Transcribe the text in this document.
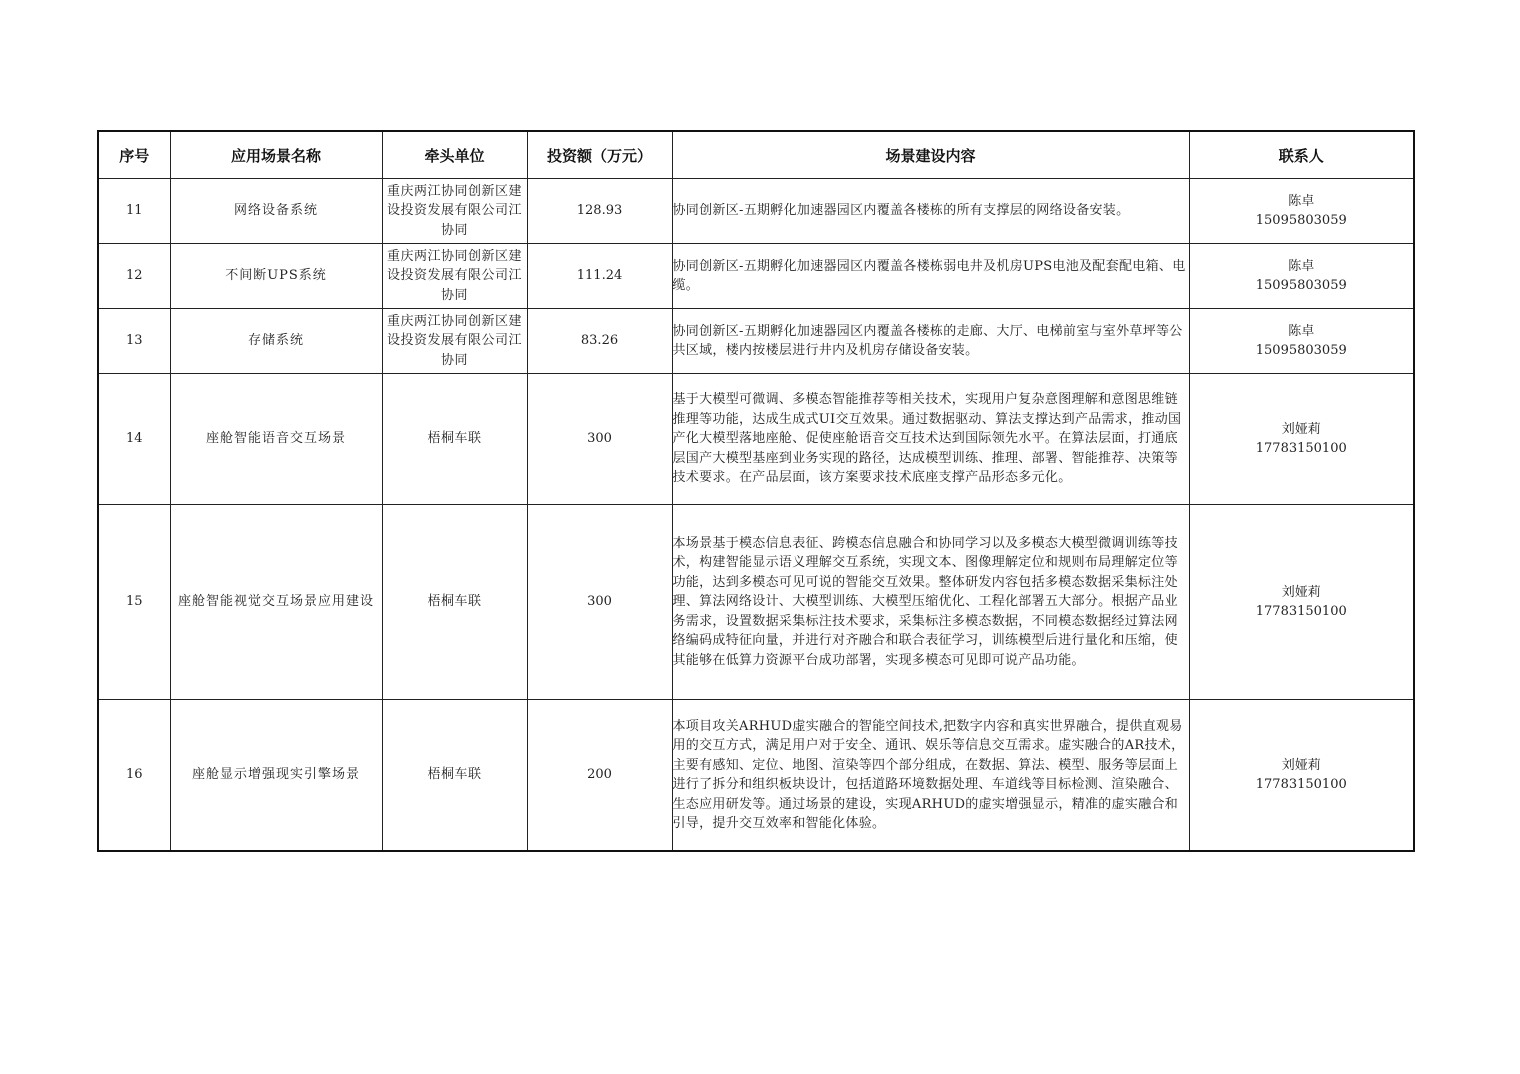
序号	应用场景名称	牵头单位	投资额（万元）	场景建设内容	联系人
11	网络设备系统	重庆两江协同创新区建设投资发展有限公司江协同	128.93	协同创新区-五期孵化加速器园区内覆盖各楼栋的所有支撑层的网络设备安装。	陈卓
15095803059

12	不间断UPS系统	重庆两江协同创新区建设投资发展有限公司江协同	111.24	协同创新区-五期孵化加速器园区内覆盖各楼栋弱电井及机房UPS电池及配套配电箱、电缆。	陈卓
15095803059

13	存储系统	重庆两江协同创新区建设投资发展有限公司江协同	83.26	协同创新区-五期孵化加速器园区内覆盖各楼栋的走廊、大厅、电梯前室与室外草坪等公共区域，楼内按楼层进行井内及机房存储设备安装。	陈卓
15095803059

14	座舱智能语音交互场景	梧桐车联	300	基于大模型可微调、多模态智能推荐等相关技术，实现用户复杂意图理解和意图思维链推理等功能，达成生成式UI交互效果。通过数据驱动、算法支撑达到产品需求，推动国产化大模型落地座舱、促使座舱语音交互技术达到国际领先水平。在算法层面，打通底层国产大模型基座到业务实现的路径，达成模型训练、推理、部署、智能推荐、决策等技术要求。在产品层面，该方案要求技术底座支撑产品形态多元化。	刘娅莉
17783150100

15	座舱智能视觉交互场景应用建设	梧桐车联	300	本场景基于模态信息表征、跨模态信息融合和协同学习以及多模态大模型微调训练等技术，构建智能显示语义理解交互系统，实现文本、图像理解定位和规则布局理解定位等功能，达到多模态可见可说的智能交互效果。整体研发内容包括多模态数据采集标注处理、算法网络设计、大模型训练、大模型压缩优化、工程化部署五大部分。根据产品业务需求，设置数据采集标注技术要求，采集标注多模态数据，不同模态数据经过算法网络编码成特征向量，并进行对齐融合和联合表征学习，训练模型后进行量化和压缩，使其能够在低算力资源平台成功部署，实现多模态可见即可说产品功能。	刘娅莉
17783150100

16	座舱显示增强现实引擎场景	梧桐车联	200	本项目攻关ARHUD虚实融合的智能空间技术,把数字内容和真实世界融合，提供直观易用的交互方式，满足用户对于安全、通讯、娱乐等信息交互需求。虚实融合的AR技术，主要有感知、定位、地图、渲染等四个部分组成，在数据、算法、模型、服务等层面上进行了拆分和组织板块设计，包括道路环境数据处理、车道线等目标检测、渲染融合、生态应用研发等。通过场景的建设，实现ARHUD的虚实增强显示，精准的虚实融合和引导，提升交互效率和智能化体验。	刘娅莉
17783150100
